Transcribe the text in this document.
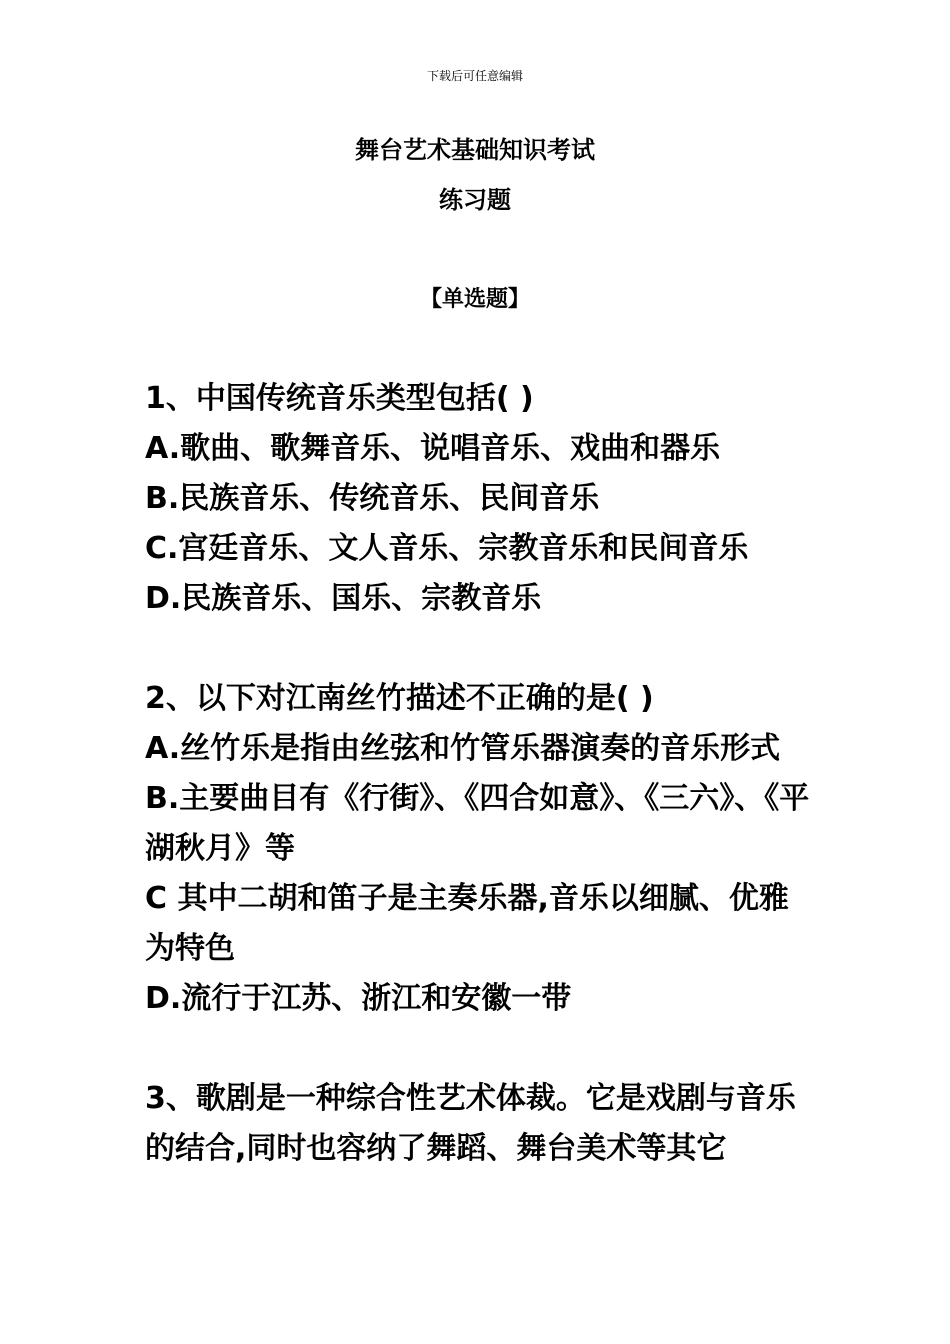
下载后可任意编辑
舞台艺术基础知识考试
练习题
【单选题】
1、中国传统音乐类型包括( )
A.歌曲、歌舞音乐、说唱音乐、戏曲和器乐
B.民族音乐、传统音乐、民间音乐
C.宫廷音乐、文人音乐、宗教音乐和民间音乐
D.民族音乐、国乐、宗教音乐
2、以下对江南丝竹描述不正确的是( )
A.丝竹乐是指由丝弦和竹管乐器演奏的音乐形式
B.主要曲目有《行街》、《四合如意》、《三六》、《平湖秋月》等
C 其中二胡和笛子是主奏乐器,音乐以细腻、优雅为特色
D.流行于江苏、浙江和安徽一带
3、歌剧是一种综合性艺术体裁。它是戏剧与音乐的结合,同时也容纳了舞蹈、舞台美术等其它
